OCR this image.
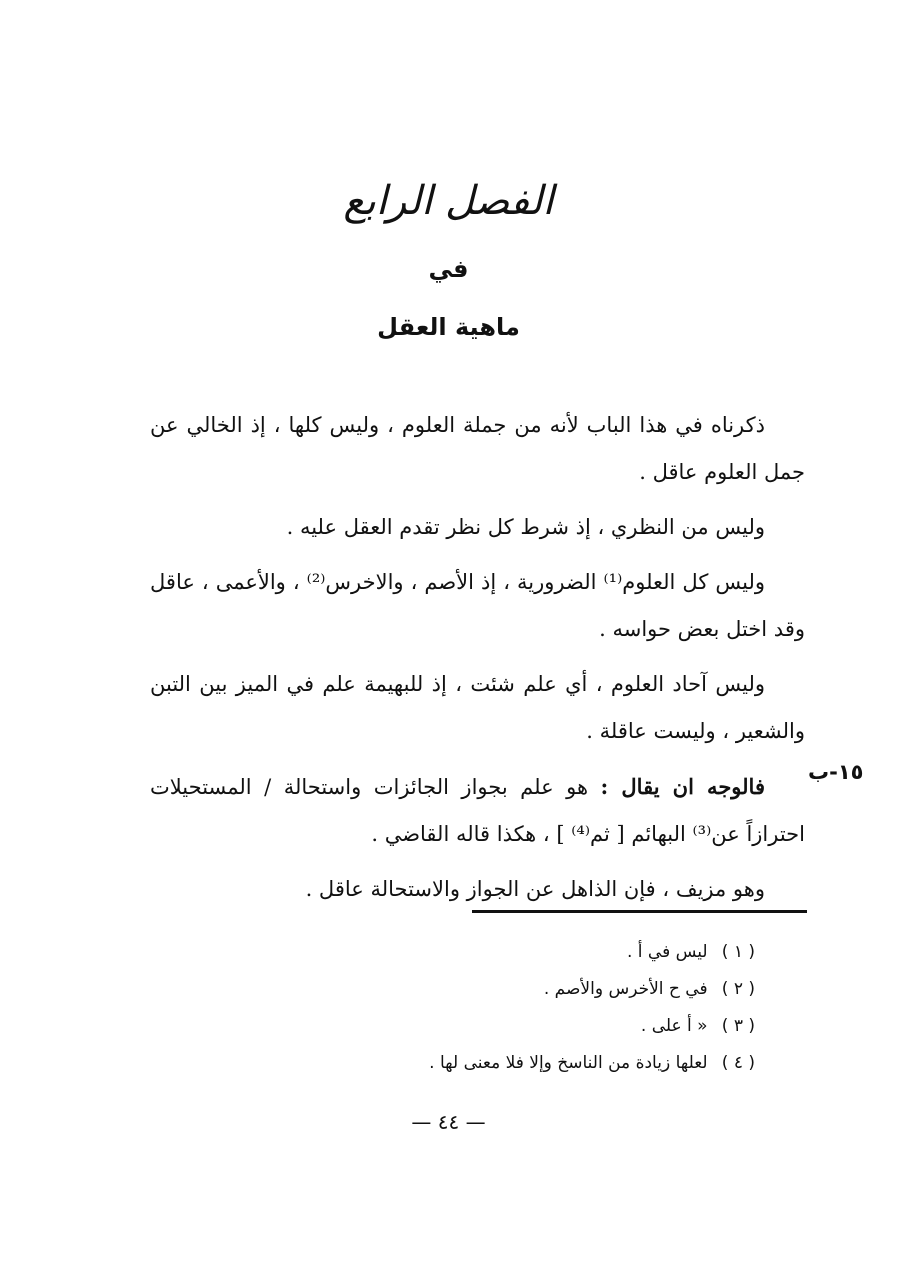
الفصل الرابع
في
ماهية العقل

ذكرناه في هذا الباب لأنه من جملة العلوم ، وليس كلها ، إذ الخالي عن جمل العلوم عاقل .

وليس من النظري ، إذ شرط كل نظر تقدم العقل عليه .

وليس كل العلوم⁽¹⁾ الضرورية ، إذ الأصم ، والاخرس⁽²⁾ ، والأعمى ، عاقل وقد اختل بعض حواسه .

وليس آحاد العلوم ، أي علم شئت ، إذ للبهيمة علم في الميز بين التبن والشعير ، وليست عاقلة .

فالوجه ان يقال : هو علم بجواز الجائزات واستحالة / المستحيلات احترازاً عن⁽³⁾ البهائم [ ثم⁽⁴⁾ ] ، هكذا قاله القاضي .

وهو مزيف ، فإن الذاهل عن الجواز والاستحالة عاقل .

١٥-ب

( ١ ) ليس في أ .

( ٢ ) في ح الأخرس والأصم .

( ٣ ) « أ على .

( ٤ ) لعلها زيادة من الناسخ وإلا فلا معنى لها .

— ٤٤ —
